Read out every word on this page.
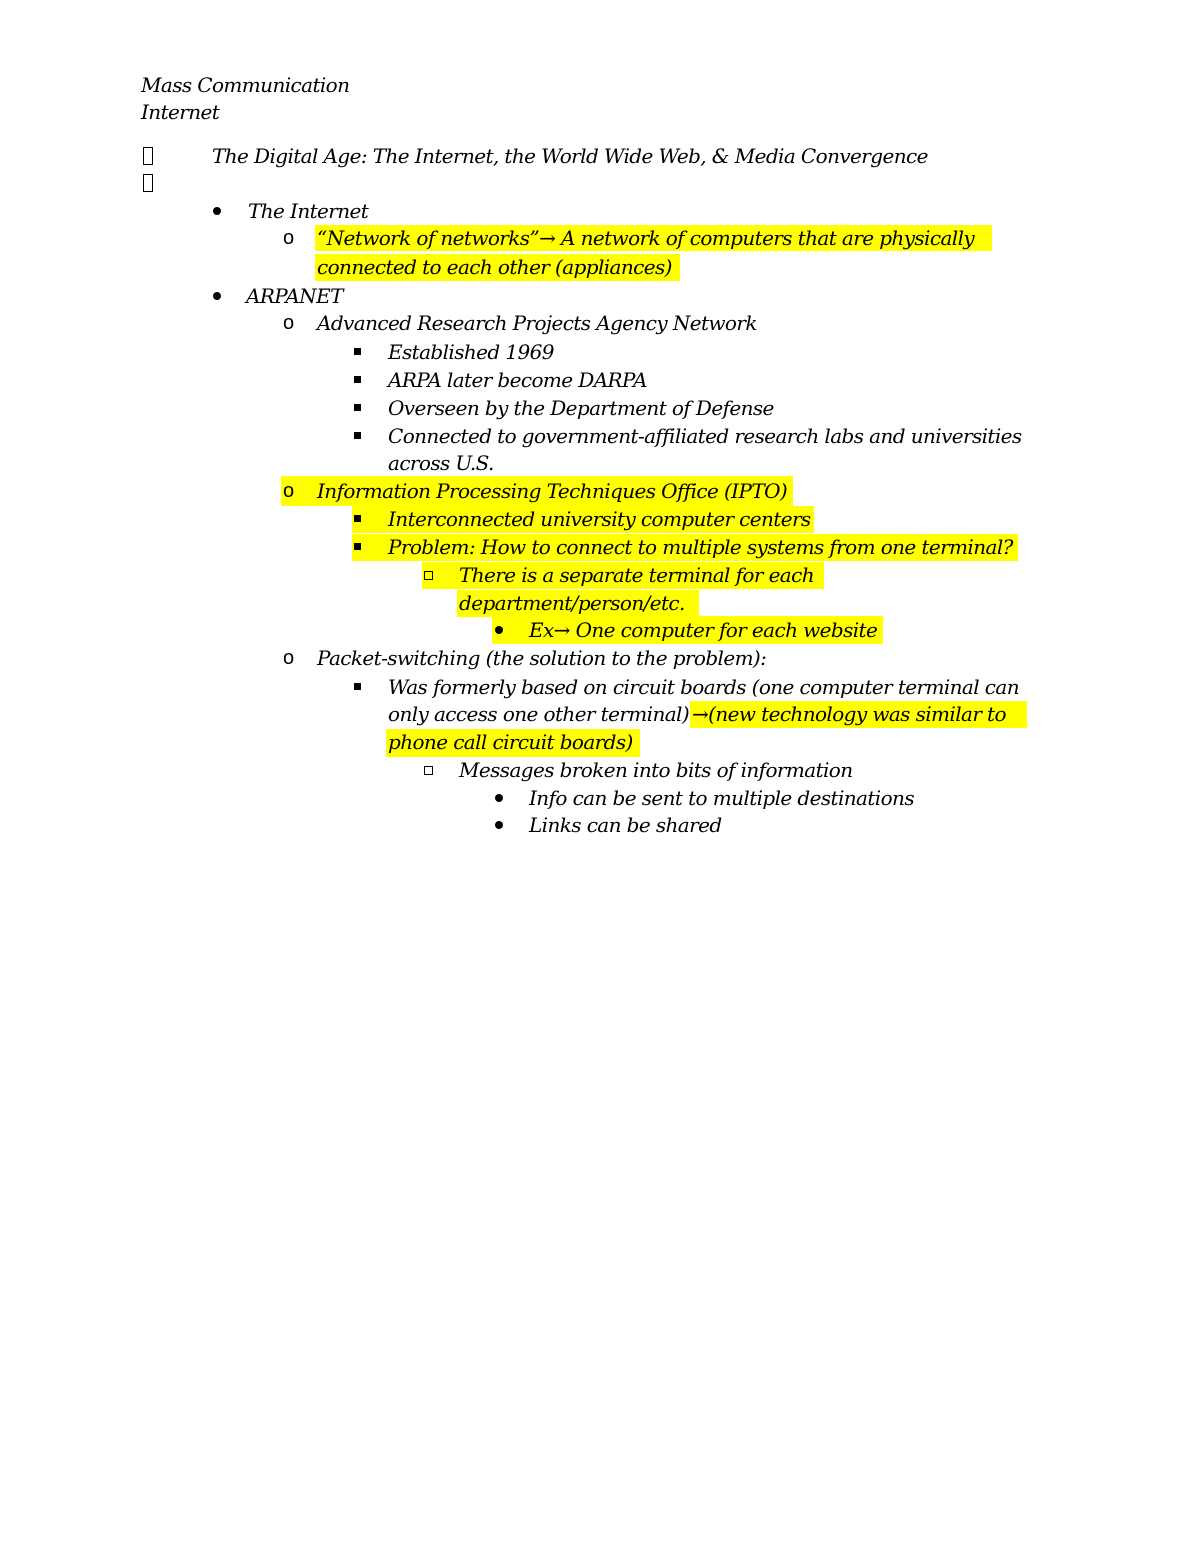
Mass Communication
Internet
The Digital Age: The Internet, the World Wide Web, & Media Convergence
The Internet
o “Network of networks”→ A network of computers that are physically
connected to each other (appliances)
ARPANET
o Advanced Research Projects Agency Network
Established 1969
ARPA later become DARPA
Overseen by the Department of Defense
Connected to government-affiliated research labs and universities
across U.S.
o Information Processing Techniques Office (IPTO)
Interconnected university computer centers
Problem: How to connect to multiple systems from one terminal?
There is a separate terminal for each
department/person/etc.
Ex→ One computer for each website
o Packet-switching (the solution to the problem):
Was formerly based on circuit boards (one computer terminal can
only access one other terminal) →(new technology was similar to
phone call circuit boards)
Messages broken into bits of information
Info can be sent to multiple destinations
Links can be shared
